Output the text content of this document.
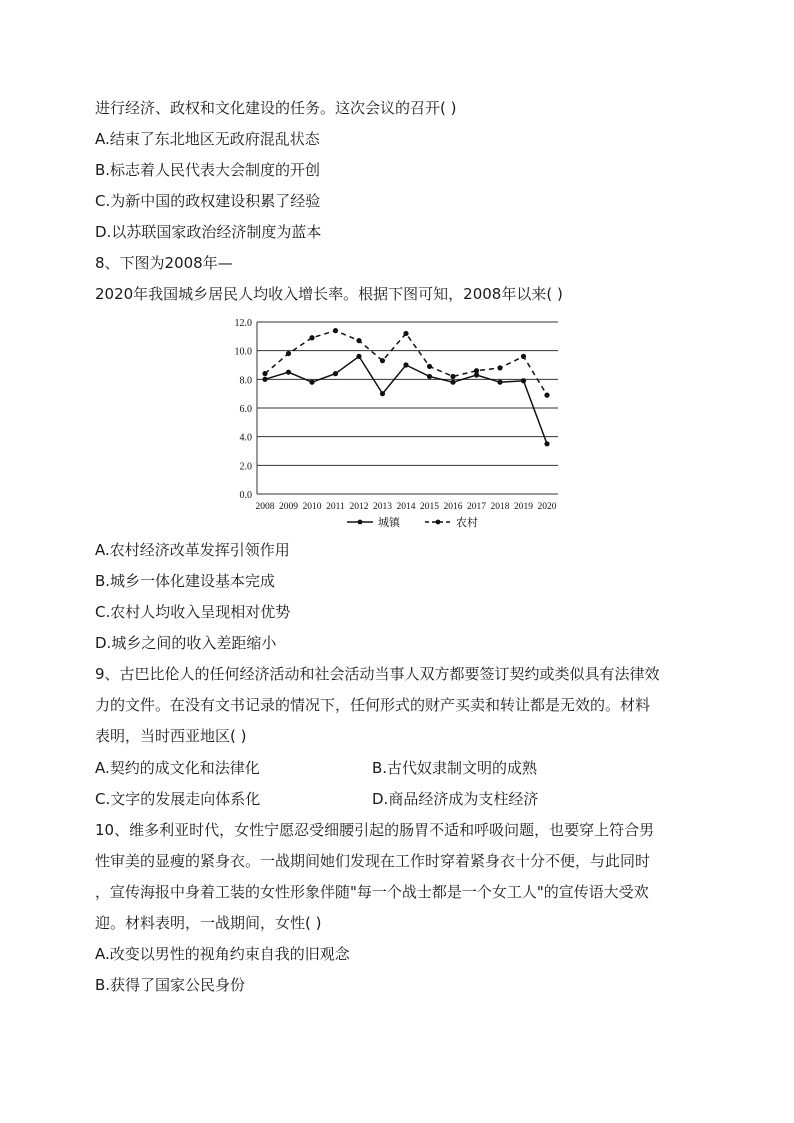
进行经济、政权和文化建设的任务。这次会议的召开( )
A.结束了东北地区无政府混乱状态
B.标志着人民代表大会制度的开创
C.为新中国的政权建设积累了经验
D.以苏联国家政治经济制度为蓝本
8、下图为2008年—
2020年我国城乡居民人均收入增长率。根据下图可知，2008年以来( )
0.0
2.0
4.0
6.0
8.0
10.0
12.0
2008 2009 2010 2011 2012 2013 2014 2015 2016 2017 2018 2019 2020
城镇	农村
A.农村经济改革发挥引领作用
B.城乡一体化建设基本完成
C.农村人均收入呈现相对优势
D.城乡之间的收入差距缩小
9、古巴比伦人的任何经济活动和社会活动当事人双方都要签订契约或类似具有法律效
力的文件。在没有文书记录的情况下，任何形式的财产买卖和转让都是无效的。材料
表明，当时西亚地区( )
A.契约的成文化和法律化	B.古代奴隶制文明的成熟
C.文字的发展走向体系化	D.商品经济成为支柱经济
10、维多利亚时代，女性宁愿忍受细腰引起的肠胃不适和呼吸问题，也要穿上符合男
性审美的显瘦的紧身衣。一战期间她们发现在工作时穿着紧身衣十分不便，与此同时
，宣传海报中身着工装的女性形象伴随"每一个战士都是一个女工人"的宣传语大受欢
迎。材料表明，一战期间，女性( )
A.改变以男性的视角约束自我的旧观念
B.获得了国家公民身份
